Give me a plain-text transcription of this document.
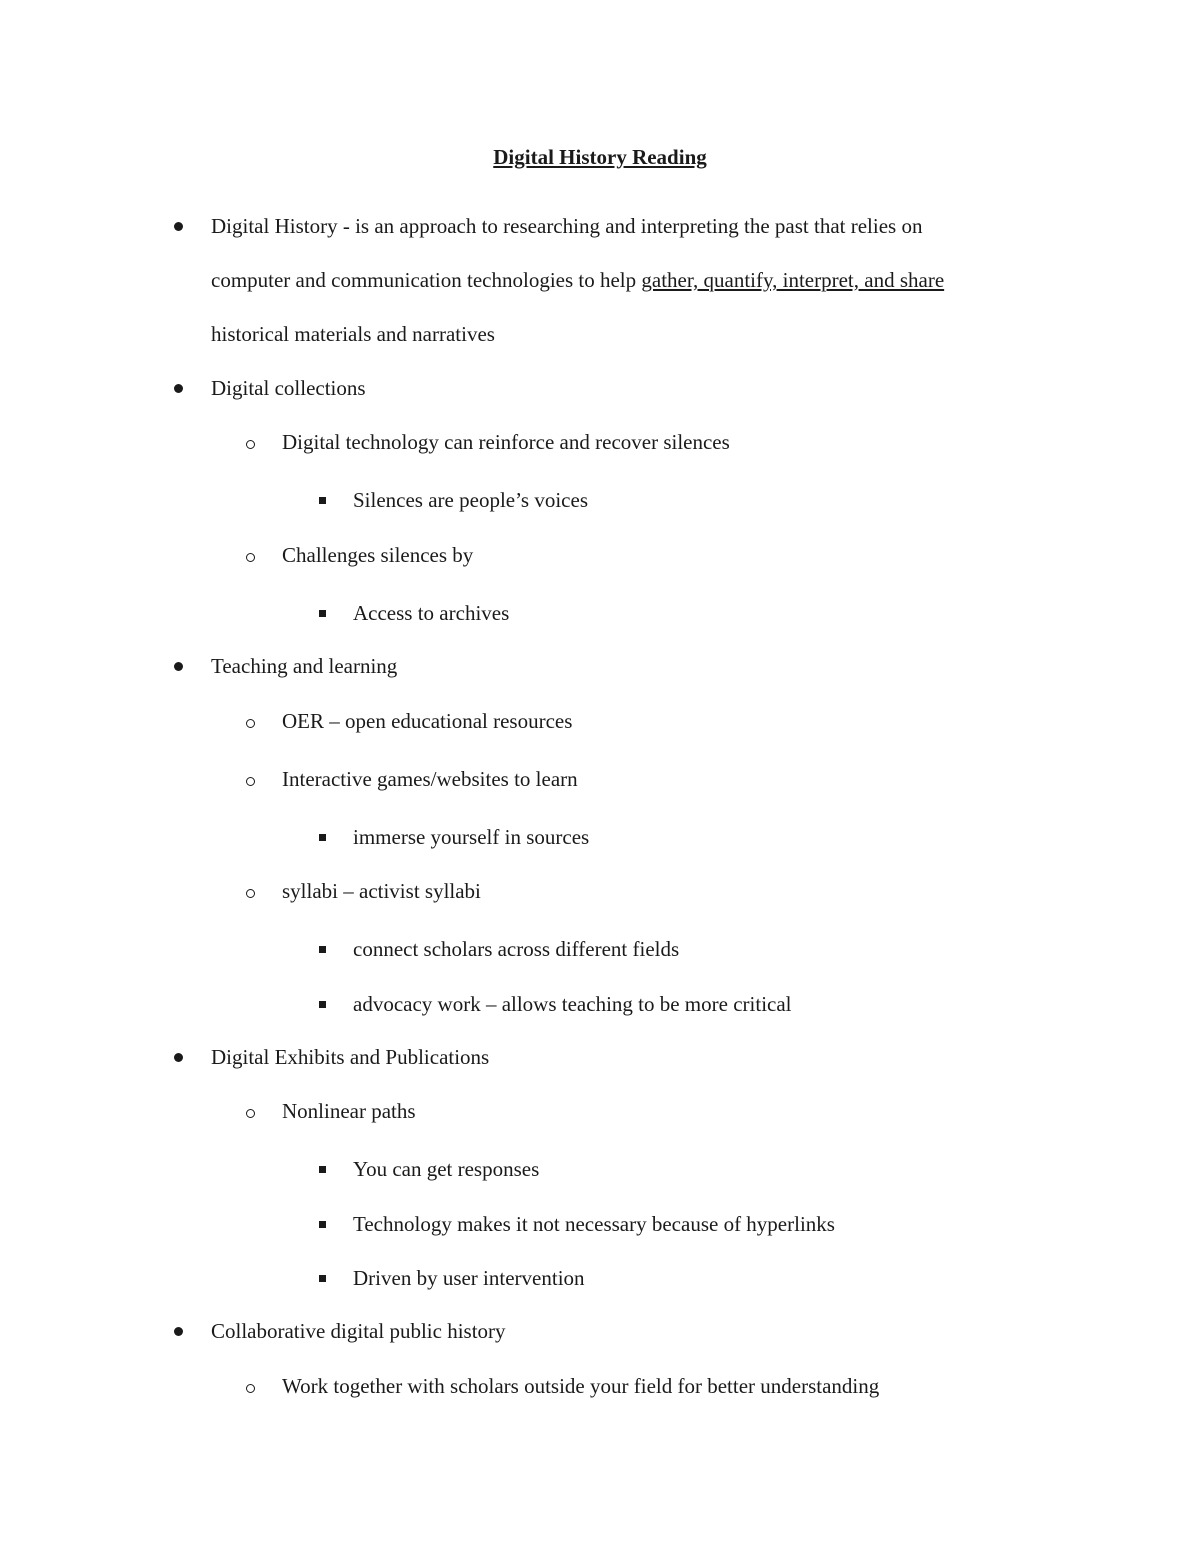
Digital History Reading
Digital History - is an approach to researching and interpreting the past that relies on
computer and communication technologies to help gather, quantify, interpret, and share
historical materials and narratives
Digital collections
Digital technology can reinforce and recover silences
Silences are people’s voices
Challenges silences by
Access to archives
Teaching and learning
OER – open educational resources
Interactive games/websites to learn
immerse yourself in sources
syllabi – activist syllabi
connect scholars across different fields
advocacy work – allows teaching to be more critical
Digital Exhibits and Publications
Nonlinear paths
You can get responses
Technology makes it not necessary because of hyperlinks
Driven by user intervention
Collaborative digital public history
Work together with scholars outside your field for better understanding
